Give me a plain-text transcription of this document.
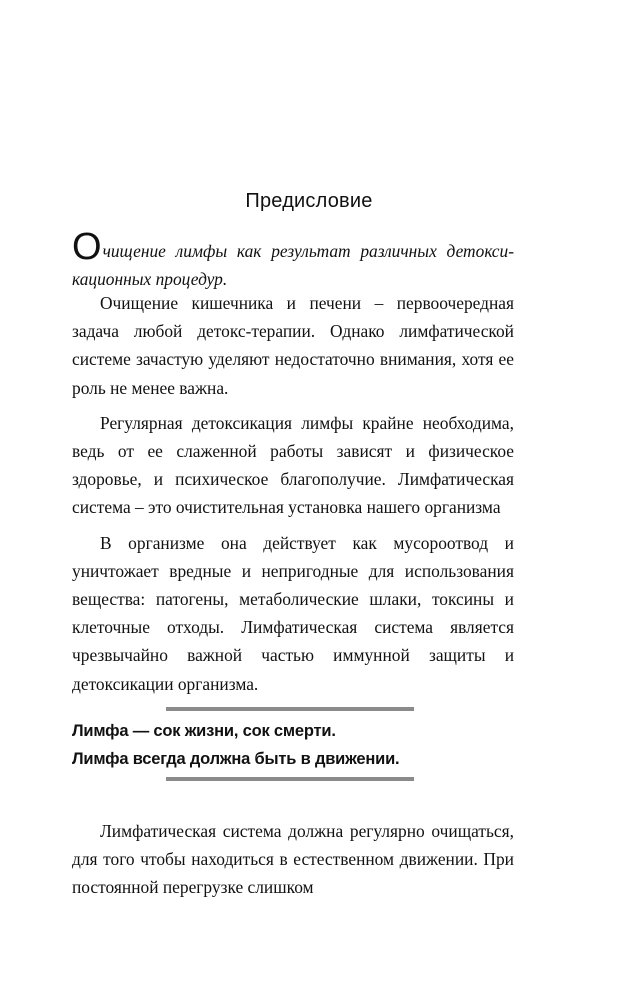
Предисловие

Очищение лимфы как результат различных детокси-кационных процедур.

Очищение кишечника и печени – первоочередная задача любой детокс-терапии. Однако лимфатической системе зачастую уделяют недостаточно внимания, хотя ее роль не менее важна.

Регулярная детоксикация лимфы крайне необходима, ведь от ее слаженной работы зависят и физическое здоровье, и психическое благополучие. Лимфатическая система – это очистительная установка нашего организма

В организме она действует как мусороотвод и уничтожает вредные и непригодные для использования вещества: патогены, метаболические шлаки, токсины и клеточные отходы. Лимфатическая система является чрезвычайно важной частью иммунной защиты и детоксикации организма.

Лимфа — сок жизни, сок смерти.
Лимфа всегда должна быть в движении.

Лимфатическая система должна регулярно очищаться, для того чтобы находиться в естественном движении. При постоянной перегрузке слишком
